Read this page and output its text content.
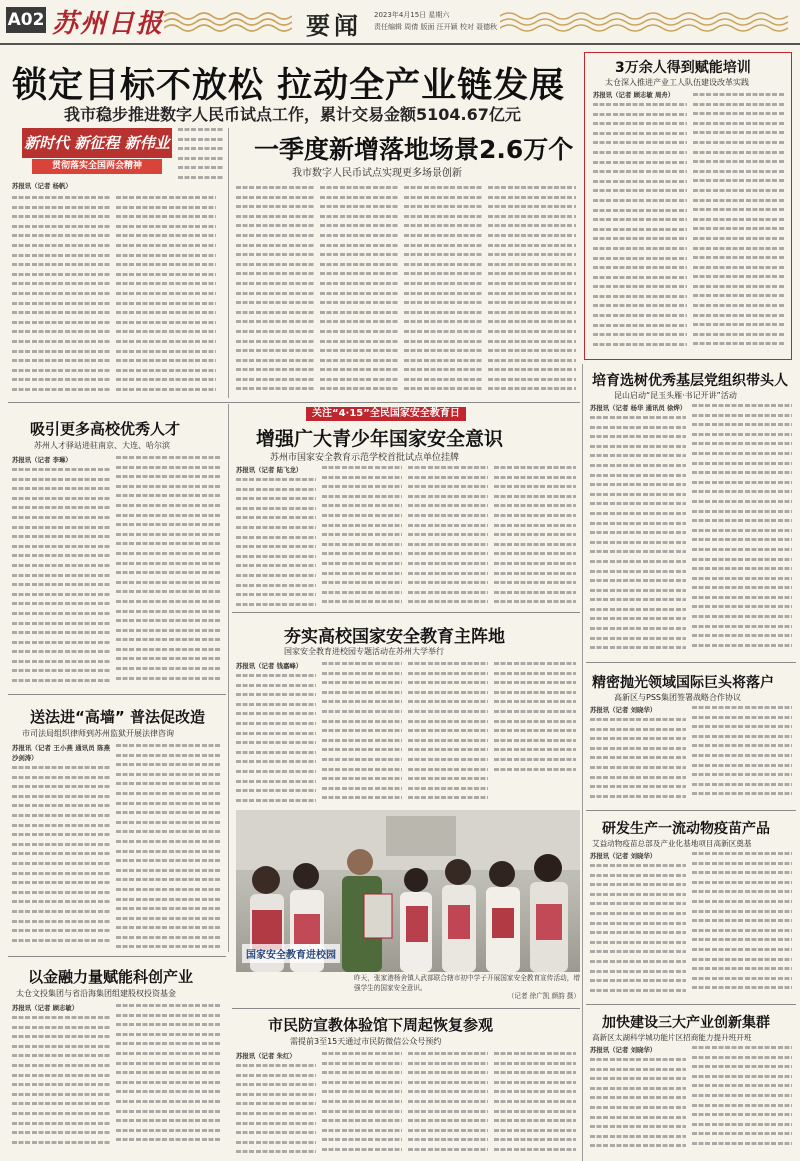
A02 苏州日报	要闻 2023年4月15日 星期六
责任编辑 周倩 版面 汪开颖 校对 聂德秋
锁定目标不放松 拉动全产业链发展
我市稳步推进数字人民币试点工作，累计交易金额5104.67亿元
新时代 新征程 新伟业
贯彻落实全国两会精神
苏报讯（记者 杨帆）
一季度新增落地场景2.6万个
我市数字人民币试点实现更多场景创新
3万余人得到赋能培训
太仓深入推进产业工人队伍建设改革实践
苏报讯（记者 顾志敏 周舟）
吸引更多高校优秀人才
苏州人才驿站进驻南京、大连、哈尔滨
苏报讯（记者 李琳）
关注“4·15”全民国家安全教育日
增强广大青少年国家安全意识
苏州市国家安全教育示范学校首批试点单位挂牌
苏报讯（记者 陆飞龙）
夯实高校国家安全教育主阵地
国家安全教育进校园专题活动在苏州大学举行
苏报讯（记者 钱嘉峰）
国家安全教育进校园
昨天，张家港杨舍镇人武部联合辖市初中学子开展国家安全教育宣传活动，增强学生的国家安全意识。
（记者 徐广凯 颜韵 摄）
送法进“高墙” 普法促改造
市司法局组织律师到苏州监狱开展法律咨询
苏报讯（记者 王小燕 通讯员 陈燕 沙剑涛）
以金融力量赋能科创产业
太仓文投集团与省沿海集团组建股权投资基金
苏报讯（记者 顾志敏）
市民防宣教体验馆下周起恢复参观
需提前3至15天通过市民防微信公众号预约
苏报讯（记者 朱红）
培育选树优秀基层党组织带头人
昆山启动“昆玉头雁·书记开讲”活动
苏报讯（记者 杨华 通讯员 徐烨）
精密抛光领域国际巨头将落户
高新区与PSS集团签署战略合作协议
苏报讯（记者 刘晓华）
研发生产一流动物疫苗产品
艾益动物疫苗总部及产业化基地项目高新区奠基
苏报讯（记者 刘晓华）
加快建设三大产业创新集群
高新区太湖科学城功能片区招商能力提升班开班
苏报讯（记者 刘晓华）
